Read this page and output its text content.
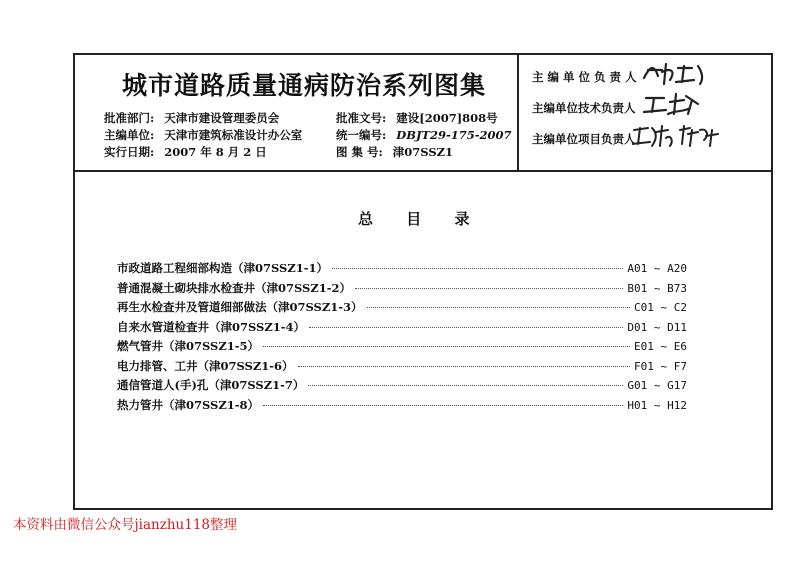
城市道路质量通病防治系列图集
批准部门: 天津市建设管理委员会
主编单位: 天津市建筑标准设计办公室
实行日期: 2007 年 8 月 2 日
批准文号: 建设[2007]808号
统一编号: DBJT29-175-2007
图 集 号: 津07SSZ1
主 编 单 位 负 责 人
主编单位技术负责人
主编单位项目负责人
总 目 录
市政道路工程细部构造（津07SSZ1-1）	A01 ~ A20
普通混凝土砌块排水检查井（津07SSZ1-2）	B01 ~ B73
再生水检查井及管道细部做法（津07SSZ1-3）	C01 ~ C2
自来水管道检查井（津07SSZ1-4）	D01 ~ D11
燃气管井（津07SSZ1-5）	E01 ~ E6
电力排管、工井（津07SSZ1-6）	F01 ~ F7
通信管道人(手)孔（津07SSZ1-7）	G01 ~ G17
热力管井（津07SSZ1-8）	H01 ~ H12
本资料由微信公众号jianzhu118整理
